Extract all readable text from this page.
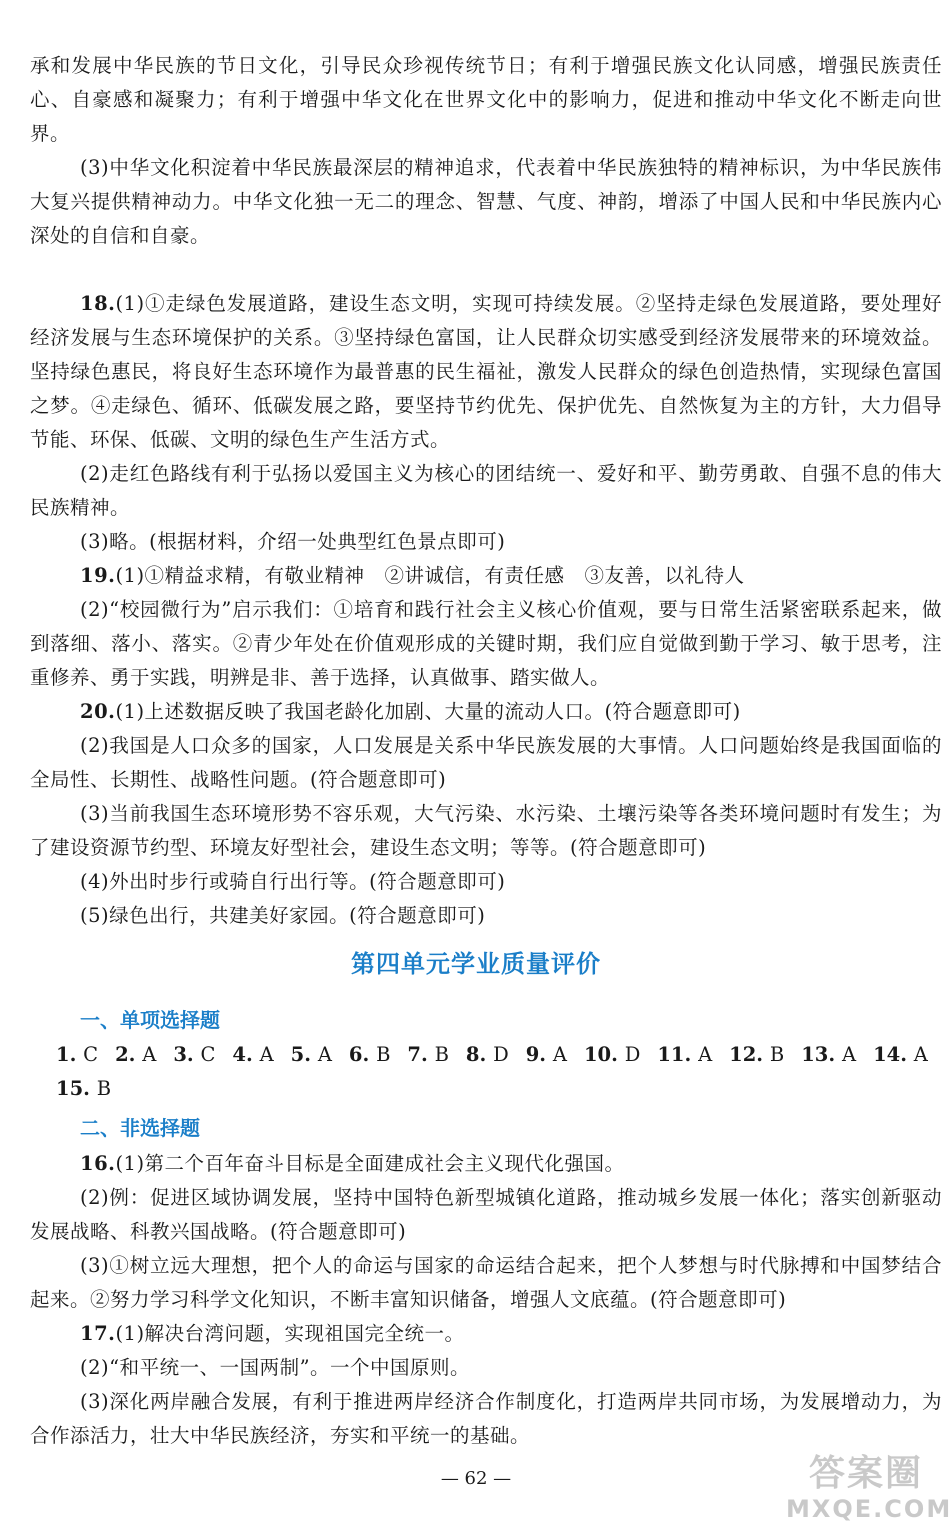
承和发展中华民族的节日文化，引导民众珍视传统节日；有利于增强民族文化认同感，增强民族责任心、自豪感和凝聚力；有利于增强中华文化在世界文化中的影响力，促进和推动中华文化不断走向世界。

(3)中华文化积淀着中华民族最深层的精神追求，代表着中华民族独特的精神标识，为中华民族伟大复兴提供精神动力。中华文化独一无二的理念、智慧、气度、神韵，增添了中国人民和中华民族内心深处的自信和自豪。

18.(1)①走绿色发展道路，建设生态文明，实现可持续发展。②坚持走绿色发展道路，要处理好经济发展与生态环境保护的关系。③坚持绿色富国，让人民群众切实感受到经济发展带来的环境效益。坚持绿色惠民，将良好生态环境作为最普惠的民生福祉，激发人民群众的绿色创造热情，实现绿色富国之梦。④走绿色、循环、低碳发展之路，要坚持节约优先、保护优先、自然恢复为主的方针，大力倡导节能、环保、低碳、文明的绿色生产生活方式。

(2)走红色路线有利于弘扬以爱国主义为核心的团结统一、爱好和平、勤劳勇敢、自强不息的伟大民族精神。

(3)略。(根据材料，介绍一处典型红色景点即可)

19.(1)①精益求精，有敬业精神　②讲诚信，有责任感　③友善，以礼待人

(2)“校园微行为”启示我们：①培育和践行社会主义核心价值观，要与日常生活紧密联系起来，做到落细、落小、落实。②青少年处在价值观形成的关键时期，我们应自觉做到勤于学习、敏于思考，注重修养、勇于实践，明辨是非、善于选择，认真做事、踏实做人。

20.(1)上述数据反映了我国老龄化加剧、大量的流动人口。(符合题意即可)

(2)我国是人口众多的国家，人口发展是关系中华民族发展的大事情。人口问题始终是我国面临的全局性、长期性、战略性问题。(符合题意即可)

(3)当前我国生态环境形势不容乐观，大气污染、水污染、土壤污染等各类环境问题时有发生；为了建设资源节约型、环境友好型社会，建设生态文明；等等。(符合题意即可)

(4)外出时步行或骑自行出行等。(符合题意即可)

(5)绿色出行，共建美好家园。(符合题意即可)

第四单元学业质量评价
一、单项选择题
1. C 2. A 3. C 4. A 5. A 6. B 7. B 8. D 9. A 10. D 11. A 12. B 13. A 14. A15. B
二、非选择题

16.(1)第二个百年奋斗目标是全面建成社会主义现代化强国。

(2)例：促进区域协调发展，坚持中国特色新型城镇化道路，推动城乡发展一体化；落实创新驱动发展战略、科教兴国战略。(符合题意即可)

(3)①树立远大理想，把个人的命运与国家的命运结合起来，把个人梦想与时代脉搏和中国梦结合起来。②努力学习科学文化知识，不断丰富知识储备，增强人文底蕴。(符合题意即可)

17.(1)解决台湾问题，实现祖国完全统一。

(2)“和平统一、一国两制”。一个中国原则。

(3)深化两岸融合发展，有利于推进两岸经济合作制度化，打造两岸共同市场，为发展增动力，为合作添活力，壮大中华民族经济，夯实和平统一的基础。

— 62 —	答案圈
MXQE.COM
